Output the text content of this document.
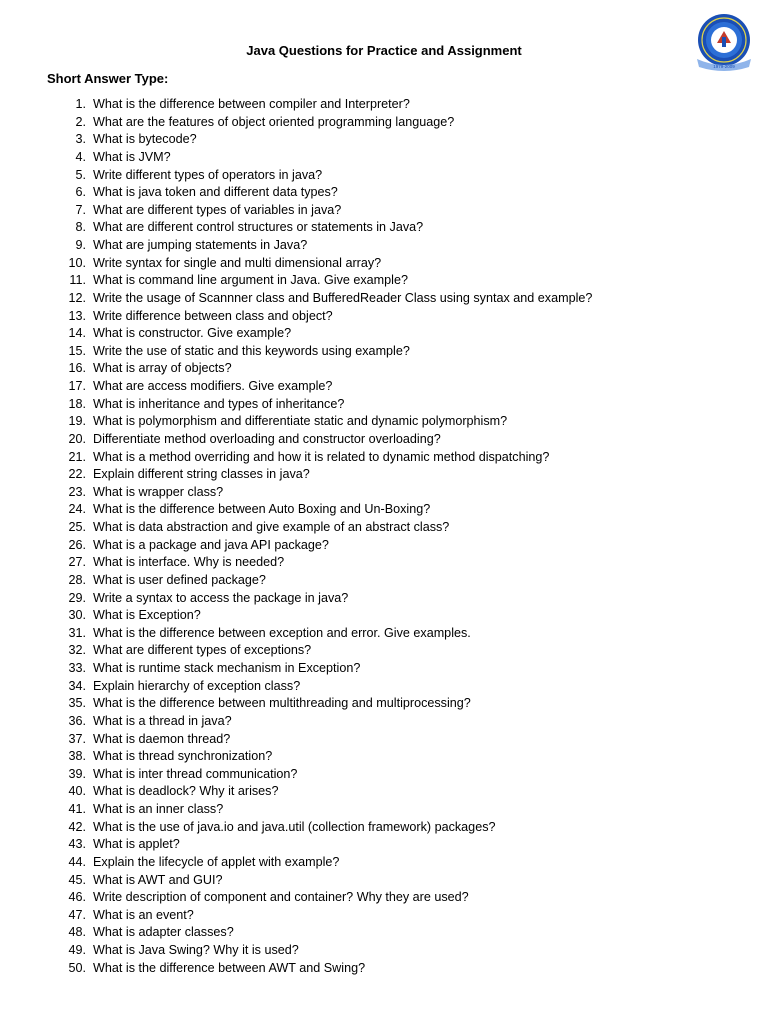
1979-2009
Java Questions for Practice and Assignment
Short Answer Type:
1. What is the difference between compiler and Interpreter?
2. What are the features of object oriented programming language?
3. What is bytecode?
4. What is JVM?
5. Write different types of operators in java?
6. What is java token and different data types?
7. What are different types of variables in java?
8. What are different control structures or statements in Java?
9. What are jumping statements in Java?
10. Write syntax for single and multi dimensional array?
11. What is command line argument in Java. Give example?
12. Write the usage of Scannner class and BufferedReader Class using syntax and example?
13. Write difference between class and object?
14. What is constructor. Give example?
15. Write the use of static and this keywords using example?
16. What is array of objects?
17. What are access modifiers. Give example?
18. What is inheritance and types of inheritance?
19. What is polymorphism and differentiate static and dynamic polymorphism?
20. Differentiate method overloading and constructor overloading?
21. What is a method overriding and how it is related to dynamic method dispatching?
22. Explain different string classes in java?
23. What is wrapper class?
24. What is the difference between Auto Boxing and Un-Boxing?
25. What is data abstraction and give example of an abstract class?
26. What is a package and java API package?
27. What is interface. Why is needed?
28. What is user defined package?
29. Write a syntax to access the package in java?
30. What is Exception?
31. What is the difference between exception and error. Give examples.
32. What are different types of exceptions?
33. What is runtime stack mechanism in Exception?
34. Explain hierarchy of exception class?
35. What is the difference between multithreading and multiprocessing?
36. What is a thread in java?
37. What is daemon thread?
38. What is thread synchronization?
39. What is inter thread communication?
40. What is deadlock? Why it arises?
41. What is an inner class?
42. What is the use of java.io and java.util (collection framework) packages?
43. What is applet?
44. Explain the lifecycle of applet with example?
45. What is AWT and GUI?
46. Write description of component and container? Why they are used?
47. What is an event?
48. What is adapter classes?
49. What is Java Swing? Why it is used?
50. What is the difference between AWT and Swing?
